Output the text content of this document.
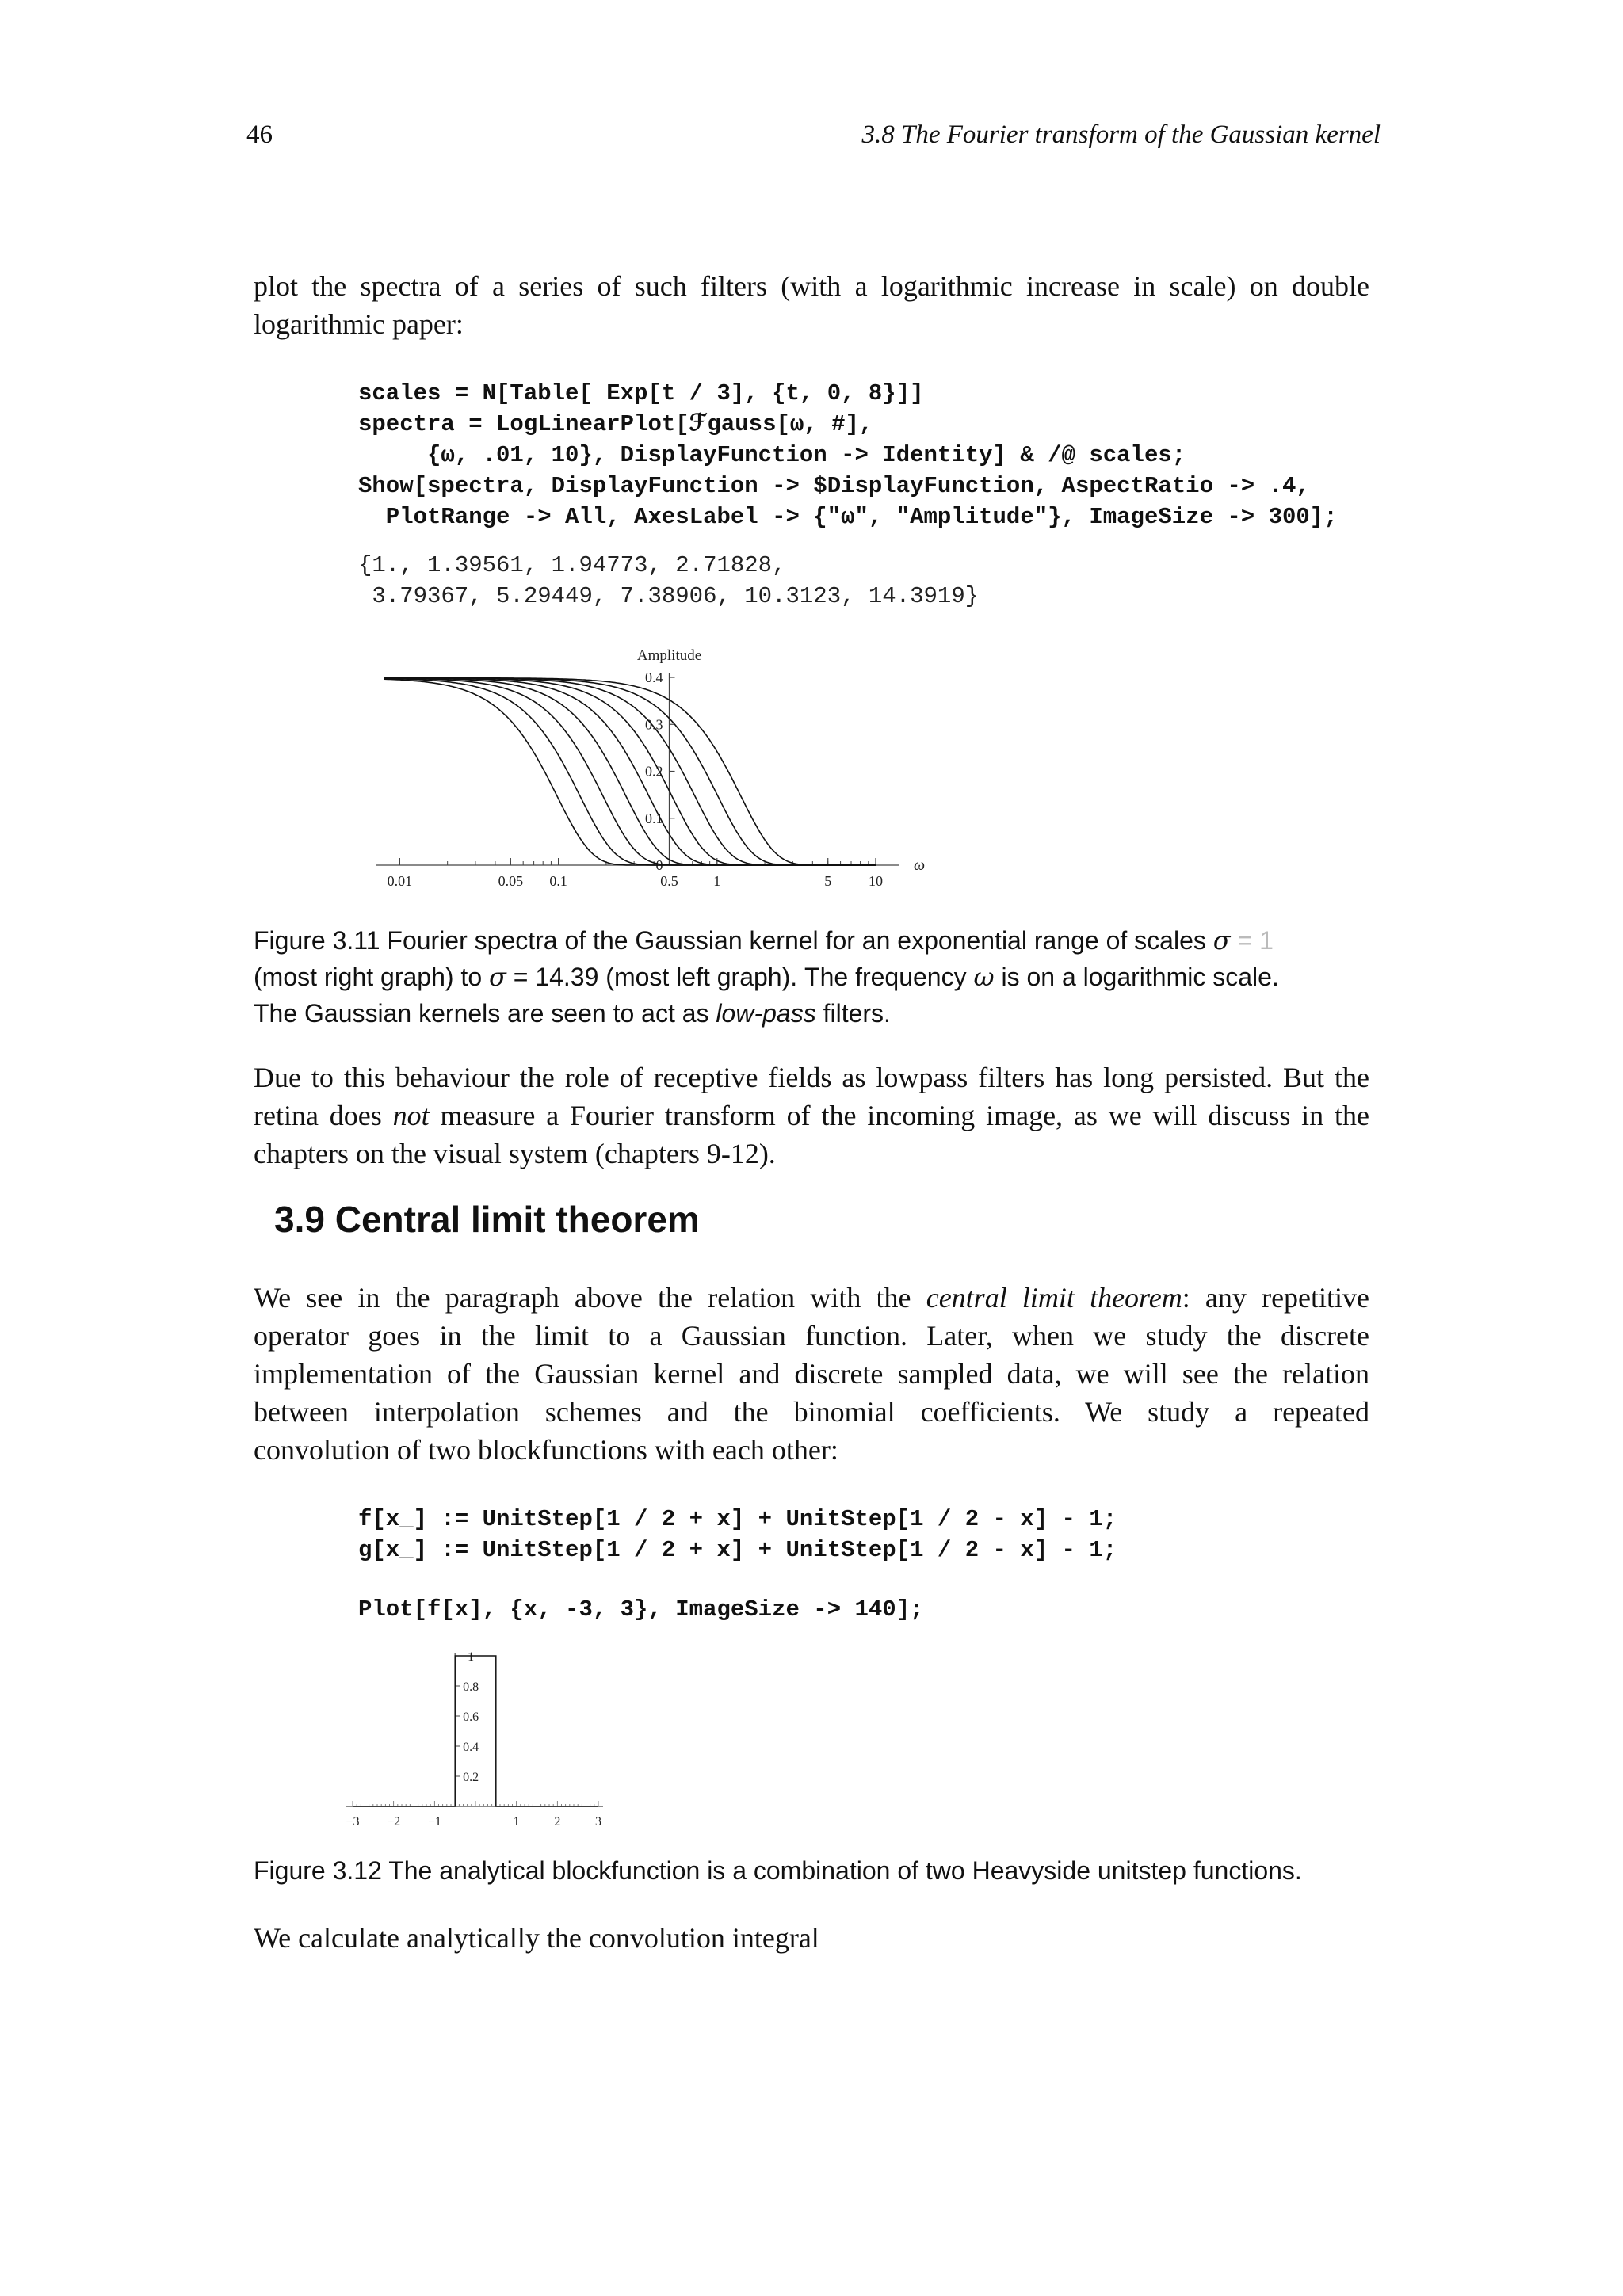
46	3.8 The Fourier transform of the Gaussian kernel

plot the spectra of a series of such filters (with a logarithmic increase in scale) on double
logarithmic paper:

scales = N[Table[ Exp[t / 3], {t, 0, 8}]]
spectra = LogLinearPlot[ℱgauss[ω, #],
{ω, .01, 10}, DisplayFunction -> Identity] & /@ scales;
Show[spectra, DisplayFunction -> $DisplayFunction, AspectRatio -> .4,
PlotRange -> All, AxesLabel -> {"ω", "Amplitude"}, ImageSize -> 300];
{1., 1.39561, 1.94773, 2.71828,
3.79367, 5.29449, 7.38906, 10.3123, 14.3919}
0.01	0.05 0.1	0.5 1	5	10
0
0.1
0.2
0.3
0.4
Amplitude
ω

Figure 3.11 Fourier spectra of the Gaussian kernel for an exponential range of scales σ = 1
(most right graph) to σ = 14.39 (most left graph). The frequency ω is on a logarithmic scale.
The Gaussian kernels are seen to act as low-pass filters.

Due to this behaviour the role of receptive fields as lowpass filters has long persisted. But the
retina does not measure a Fourier transform of the incoming image, as we will discuss in the
chapters on the visual system (chapters 9-12).

3.9 Central limit theorem

We see in the paragraph above the relation with the central limit theorem: any repetitive
operator goes in the limit to a Gaussian function. Later, when we study the discrete
implementation of the Gaussian kernel and discrete sampled data, we will see the relation
between interpolation schemes and the binomial coefficients. We study a repeated
convolution of two blockfunctions with each other:

f[x_] := UnitStep[1 / 2 + x] + UnitStep[1 / 2 - x] - 1;
g[x_] := UnitStep[1 / 2 + x] + UnitStep[1 / 2 - x] - 1;
Plot[f[x], {x, -3, 3}, ImageSize -> 140];
−3 −2 −1	1	2	3
0.2
0.4
0.6
0.8
1

Figure 3.12 The analytical blockfunction is a combination of two Heavyside unitstep functions.

We calculate analytically the convolution integral
